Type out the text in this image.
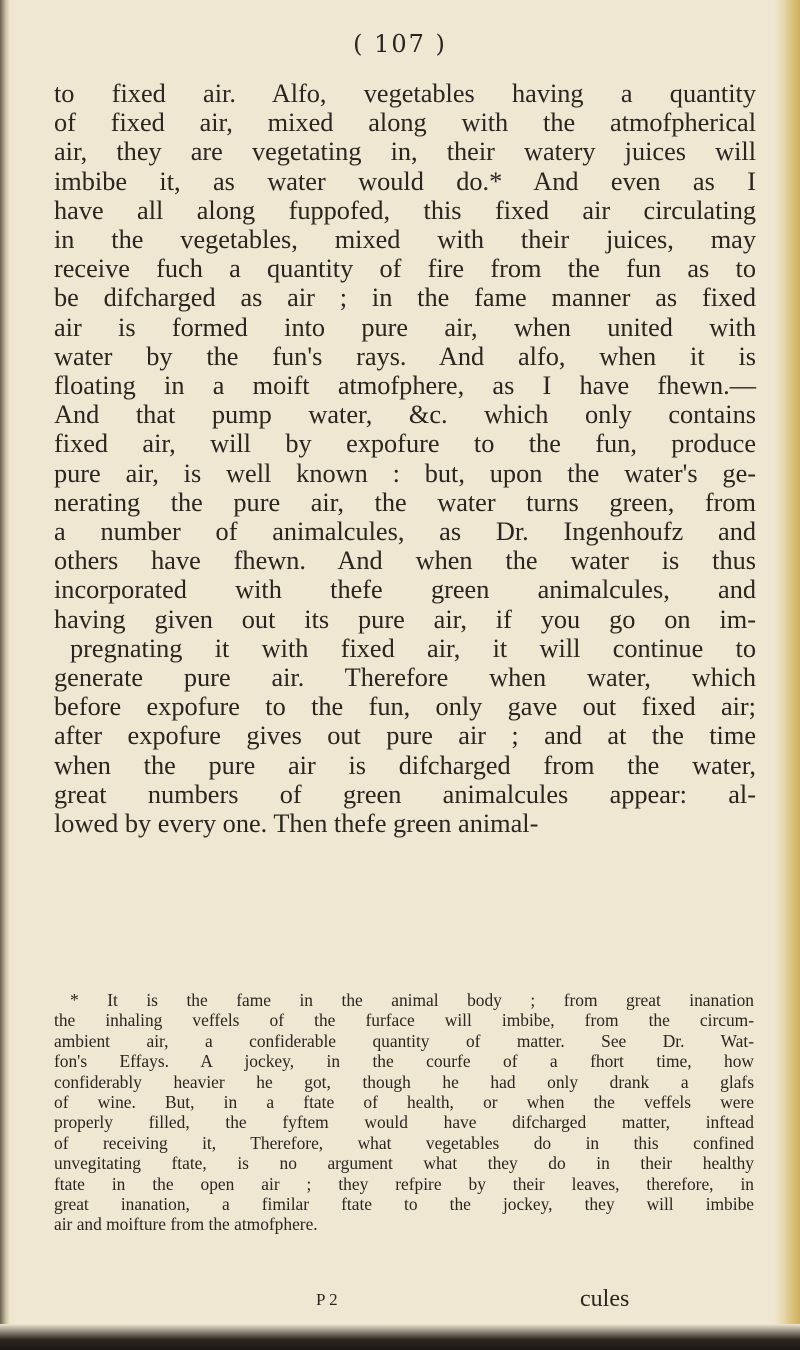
( 107 )
to fixed air. Alfo, vegetables having a quantity
of fixed air, mixed along with the atmofpherical
air, they are vegetating in, their watery juices will
imbibe it, as water would do.* And even as I
have all along fuppofed, this fixed air circulating
in the vegetables, mixed with their juices, may
receive fuch a quantity of fire from the fun as to
be difcharged as air ; in the fame manner as fixed
air is formed into pure air, when united with
water by the fun's rays. And alfo, when it is
floating in a moift atmofphere, as I have fhewn.—
And that pump water, &c. which only contains
fixed air, will by expofure to the fun, produce
pure air, is well known : but, upon the water's ge-
nerating the pure air, the water turns green, from
a number of animalcules, as Dr. Ingenhoufz and
others have fhewn. And when the water is thus
incorporated with thefe green animalcules, and
having given out its pure air, if you go on im-
pregnating it with fixed air, it will continue to
generate pure air. Therefore when water, which
before expofure to the fun, only gave out fixed air;
after expofure gives out pure air ; and at the time
when the pure air is difcharged from the water,
great numbers of green animalcules appear: al-
lowed by every one. Then thefe green animal-
* It is the fame in the animal body ; from great inanation
the inhaling veffels of the furface will imbibe, from the circum-
ambient air, a confiderable quantity of matter. See Dr. Wat-
fon's Effays. A jockey, in the courfe of a fhort time, how
confiderably heavier he got, though he had only drank a glafs
of wine. But, in a ftate of health, or when the veffels were
properly filled, the fyftem would have difcharged matter, inftead
of receiving it, Therefore, what vegetables do in this confined
unvegitating ftate, is no argument what they do in their healthy
ftate in the open air ; they refpire by their leaves, therefore, in
great inanation, a fimilar ftate to the jockey, they will imbibe
air and moifture from the atmofphere.
P 2	cules
